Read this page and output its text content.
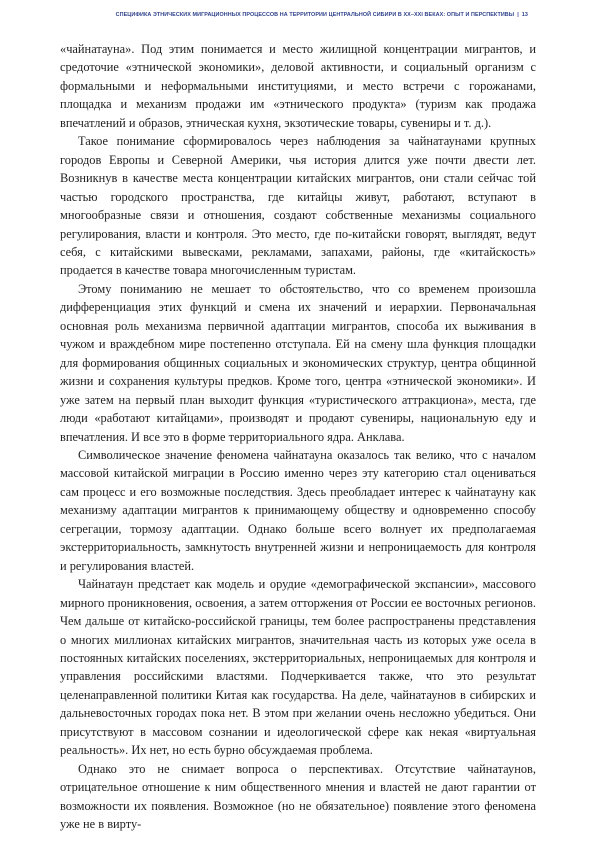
СПЕЦИФИКА ЭТНИЧЕСКИХ МИГРАЦИОННЫХ ПРОЦЕССОВ НА ТЕРРИТОРИИ ЦЕНТРАЛЬНОЙ СИБИРИ В XX–XXI ВЕКАХ: ОПЫТ И ПЕРСПЕКТИВЫ | 13

«чайнатауна». Под этим понимается и место жилищной концентрации мигрантов, и средоточие «этнической экономики», деловой активности, и социальный организм с формальными и неформальными институциями, и место встречи с горожанами, площадка и механизм продажи им «этнического продукта» (туризм как продажа впечатлений и образов, этническая кухня, экзотические товары, сувениры и т. д.).

Такое понимание сформировалось через наблюдения за чайнатаунами крупных городов Европы и Северной Америки, чья история длится уже почти двести лет. Возникнув в качестве места концентрации китайских мигрантов, они стали сейчас той частью городского пространства, где китайцы живут, работают, вступают в многообразные связи и отношения, создают собственные механизмы социального регулирования, власти и контроля. Это место, где по-китайски говорят, выглядят, ведут себя, с китайскими вывесками, рекламами, запахами, районы, где «китайскость» продается в качестве товара многочисленным туристам.

Этому пониманию не мешает то обстоятельство, что со временем произошла дифференциация этих функций и смена их значений и иерархии. Первоначальная основная роль механизма первичной адаптации мигрантов, способа их выживания в чужом и враждебном мире постепенно отступала. Ей на смену шла функция площадки для формирования общинных социальных и экономических структур, центра общинной жизни и сохранения культуры предков. Кроме того, центра «этнической экономики». И уже затем на первый план выходит функция «туристического аттракциона», места, где люди «работают китайцами», производят и продают сувениры, национальную еду и впечатления. И все это в форме территориального ядра. Анклава.

Символическое значение феномена чайнатауна оказалось так велико, что с началом массовой китайской миграции в Россию именно через эту категорию стал оцениваться сам процесс и его возможные последствия. Здесь преобладает интерес к чайнатауну как механизму адаптации мигрантов к принимающему обществу и одновременно способу сегрегации, тормозу адаптации. Однако больше всего волнует их предполагаемая экстерриториальность, замкнутость внутренней жизни и непроницаемость для контроля и регулирования властей.

Чайнатаун предстает как модель и орудие «демографической экспансии», массового мирного проникновения, освоения, а затем отторжения от России ее восточных регионов. Чем дальше от китайско-российской границы, тем более распространены представления о многих миллионах китайских мигрантов, значительная часть из которых уже осела в постоянных китайских поселениях, экстерриториальных, непроницаемых для контроля и управления российскими властями. Подчеркивается также, что это результат целенаправленной политики Китая как государства. На деле, чайнатаунов в сибирских и дальневосточных городах пока нет. В этом при желании очень несложно убедиться. Они присутствуют в массовом сознании и идеологической сфере как некая «виртуальная реальность». Их нет, но есть бурно обсуждаемая проблема.

Однако это не снимает вопроса о перспективах. Отсутствие чайнатаунов, отрицательное отношение к ним общественного мнения и властей не дают гарантии от возможности их появления. Возможное (но не обязательное) появление этого феномена уже не в вирту-
